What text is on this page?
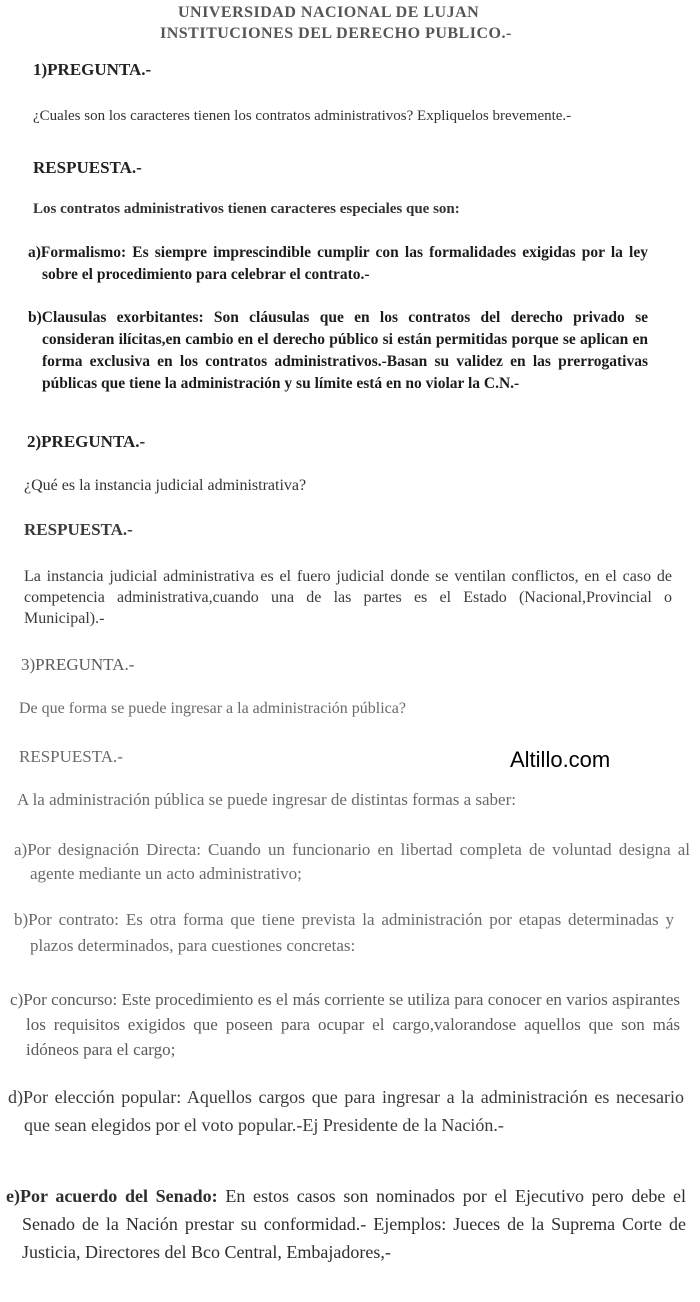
UNIVERSIDAD NACIONAL DE LUJAN
INSTITUCIONES DEL DERECHO PUBLICO.-
1)PREGUNTA.-

¿Cuales son los caracteres tienen los contratos administrativos? Expliquelos brevemente.-

RESPUESTA.-
Los contratos administrativos tienen caracteres especiales que son:

a)Formalismo: Es siempre imprescindible cumplir con las formalidades exigidas por la ley sobre el procedimiento para celebrar el contrato.-

b)Clausulas exorbitantes: Son cláusulas que en los contratos del derecho privado se consideran ilícitas,en cambio en el derecho público si están permitidas porque se aplican en forma exclusiva en los contratos administrativos.-Basan su validez en las prerrogativas públicas que tiene la administración y su límite está en no violar la C.N.-

2)PREGUNTA.-
¿Qué es la instancia judicial administrativa?
RESPUESTA.-

La instancia judicial administrativa es el fuero judicial donde se ventilan conflictos, en el caso de competencia administrativa,cuando una de las partes es el Estado (Nacional,Provincial o Municipal).-

3)PREGUNTA.-
De que forma se puede ingresar a la administración pública?
RESPUESTA.-	Altillo.com
A la administración pública se puede ingresar de distintas formas a saber:

a)Por designación Directa: Cuando un funcionario en libertad completa de voluntad designa al agente mediante un acto administrativo;

b)Por contrato: Es otra forma que tiene prevista la administración por etapas determinadas y plazos determinados, para cuestiones concretas:

c)Por concurso: Este procedimiento es el más corriente se utiliza para conocer en varios aspirantes los requisitos exigidos que poseen para ocupar el cargo,valorandose aquellos que son más idóneos para el cargo;

d)Por elección popular: Aquellos cargos que para ingresar a la administración es necesario que sean elegidos por el voto popular.-Ej Presidente de la Nación.-

e)Por acuerdo del Senado: En estos casos son nominados por el Ejecutivo pero debe el Senado de la Nación prestar su conformidad.- Ejemplos: Jueces de la Suprema Corte de Justicia, Directores del Bco Central, Embajadores,-
